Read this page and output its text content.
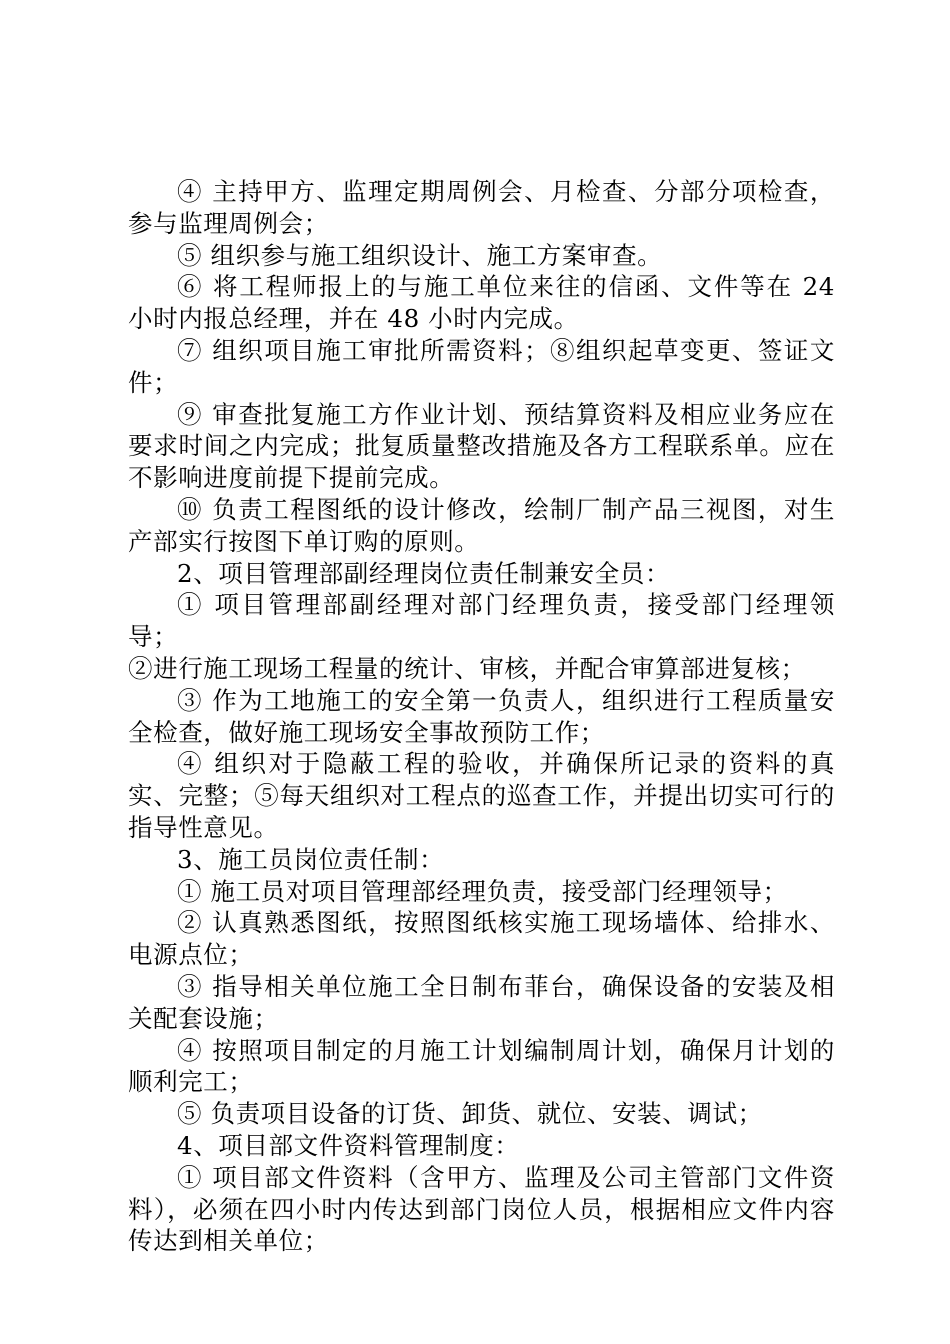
④ 主持甲方、监理定期周例会、月检查、分部分项检查，参与监理周例会；

⑤ 组织参与施工组织设计、施工方案审查。

⑥ 将工程师报上的与施工单位来往的信函、文件等在 24 小时内报总经理，并在 48 小时内完成。

⑦ 组织项目施工审批所需资料；⑧组织起草变更、签证文件；

⑨ 审查批复施工方作业计划、预结算资料及相应业务应在要求时间之内完成；批复质量整改措施及各方工程联系单。应在不影响进度前提下提前完成。

⑩ 负责工程图纸的设计修改，绘制厂制产品三视图，对生产部实行按图下单订购的原则。

2、项目管理部副经理岗位责任制兼安全员：

① 项目管理部副经理对部门经理负责，接受部门经理领导；

②进行施工现场工程量的统计、审核，并配合审算部进复核；

③ 作为工地施工的安全第一负责人，组织进行工程质量安全检查，做好施工现场安全事故预防工作；

④ 组织对于隐蔽工程的验收，并确保所记录的资料的真实、完整；⑤每天组织对工程点的巡查工作，并提出切实可行的指导性意见。

3、施工员岗位责任制：

① 施工员对项目管理部经理负责，接受部门经理领导；

② 认真熟悉图纸，按照图纸核实施工现场墙体、给排水、电源点位；

③ 指导相关单位施工全日制布菲台，确保设备的安装及相关配套设施；

④ 按照项目制定的月施工计划编制周计划，确保月计划的顺利完工；

⑤ 负责项目设备的订货、卸货、就位、安装、调试；

4、项目部文件资料管理制度：

① 项目部文件资料（含甲方、监理及公司主管部门文件资料），必须在四小时内传达到部门岗位人员，根据相应文件内容传达到相关单位；
